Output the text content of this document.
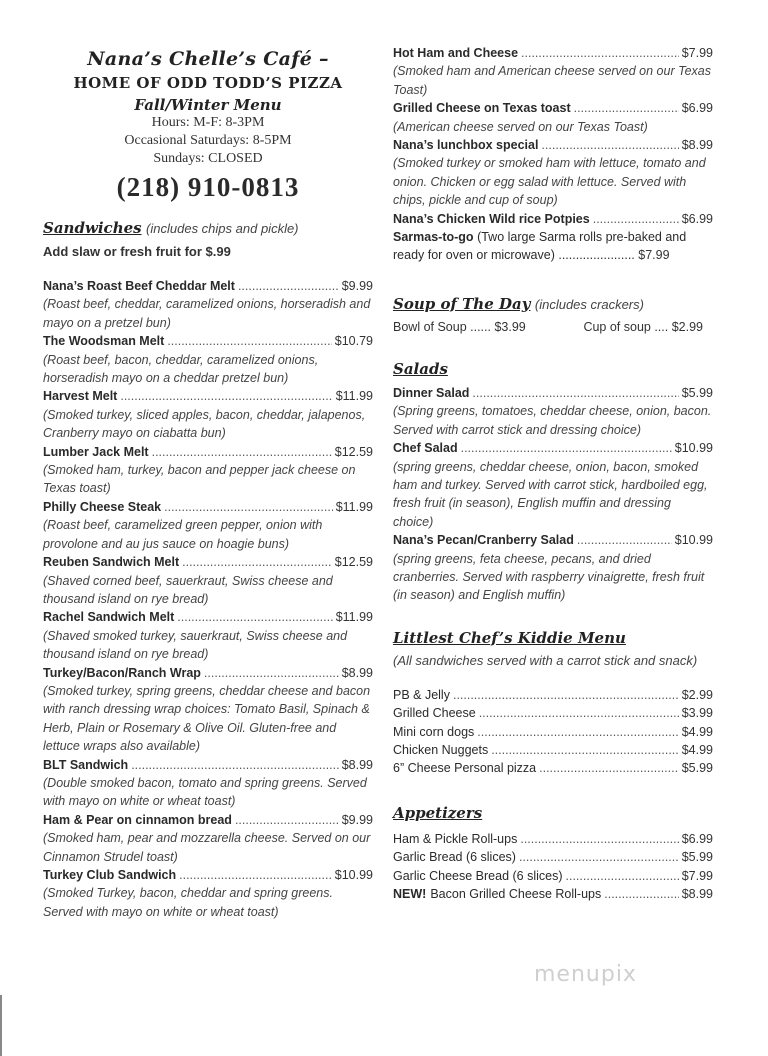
Nana’s Chelle’s Café –
HOME OF ODD TODD’S PIZZA
Fall/Winter Menu
Hours: M-F: 8-3PM
Occasional Saturdays: 8-5PM
Sundays: CLOSED
(218) 910-0813
Sandwiches (includes chips and pickle)
Add slaw or fresh fruit for $.99
Nana’s Roast Beef Cheddar Melt .....	$9.99
(Roast beef, cheddar, caramelized onions, horseradish and mayo on a pretzel bun)
The Woodsman Melt .....	$10.79
(Roast beef, bacon, cheddar, caramelized onions, horseradish mayo on a cheddar pretzel bun)
Harvest Melt .....	$11.99
(Smoked turkey, sliced apples, bacon, cheddar, jalapenos, Cranberry mayo on ciabatta bun)
Lumber Jack Melt .....	$12.59
(Smoked ham, turkey, bacon and pepper jack cheese on Texas toast)
Philly Cheese Steak .....	$11.99
(Roast beef, caramelized green pepper, onion with provolone and au jus sauce on hoagie buns)
Reuben Sandwich Melt .....	$12.59
(Shaved corned beef, sauerkraut, Swiss cheese and thousand island on rye bread)
Rachel Sandwich Melt .....	$11.99
(Shaved smoked turkey, sauerkraut, Swiss cheese and thousand island on rye bread)
Turkey/Bacon/Ranch Wrap .....	$8.99
(Smoked turkey, spring greens, cheddar cheese and bacon with ranch dressing wrap choices: Tomato Basil, Spinach & Herb, Plain or Rosemary & Olive Oil. Gluten-free and lettuce wraps also available)
BLT Sandwich .....	$8.99
(Double smoked bacon, tomato and spring greens. Served with mayo on white or wheat toast)
Ham & Pear on cinnamon bread .....	$9.99
(Smoked ham, pear and mozzarella cheese. Served on our Cinnamon Strudel toast)
Turkey Club Sandwich .....	$10.99
(Smoked Turkey, bacon, cheddar and spring greens. Served with mayo on white or wheat toast)
Hot Ham and Cheese .....	$7.99
(Smoked ham and American cheese served on our Texas Toast)
Grilled Cheese on Texas toast .....	$6.99
(American cheese served on our Texas Toast)
Nana’s lunchbox special .....	$8.99
(Smoked turkey or smoked ham with lettuce, tomato and onion. Chicken or egg salad with lettuce. Served with chips, pickle and cup of soup)
Nana’s Chicken Wild rice Potpies .....	$6.99
Sarmas-to-go (Two large Sarma rolls pre-baked and ready for oven or microwave) ...................... $7.99
Soup of The Day (includes crackers)
Bowl of Soup ...... $3.99	Cup of soup .... $2.99
Salads
Dinner Salad .....	$5.99
(Spring greens, tomatoes, cheddar cheese, onion, bacon. Served with carrot stick and dressing choice)
Chef Salad .....	$10.99
(spring greens, cheddar cheese, onion, bacon, smoked ham and turkey. Served with carrot stick, hardboiled egg, fresh fruit (in season), English muffin and dressing choice)
Nana’s Pecan/Cranberry Salad .....	$10.99
(spring greens, feta cheese, pecans, and dried cranberries. Served with raspberry vinaigrette, fresh fruit (in season) and English muffin)
Littlest Chef’s Kiddie Menu
(All sandwiches served with a carrot stick and snack)
PB & Jelly .....	$2.99
Grilled Cheese .....	$3.99
Mini corn dogs .....	$4.99
Chicken Nuggets .....	$4.99
6” Cheese Personal pizza .....	$5.99
Appetizers
Ham & Pickle Roll-ups .....	$6.99
Garlic Bread (6 slices) .....	$5.99
Garlic Cheese Bread (6 slices) .....	$7.99
NEW! Bacon Grilled Cheese Roll-ups .....	$8.99
menupix
